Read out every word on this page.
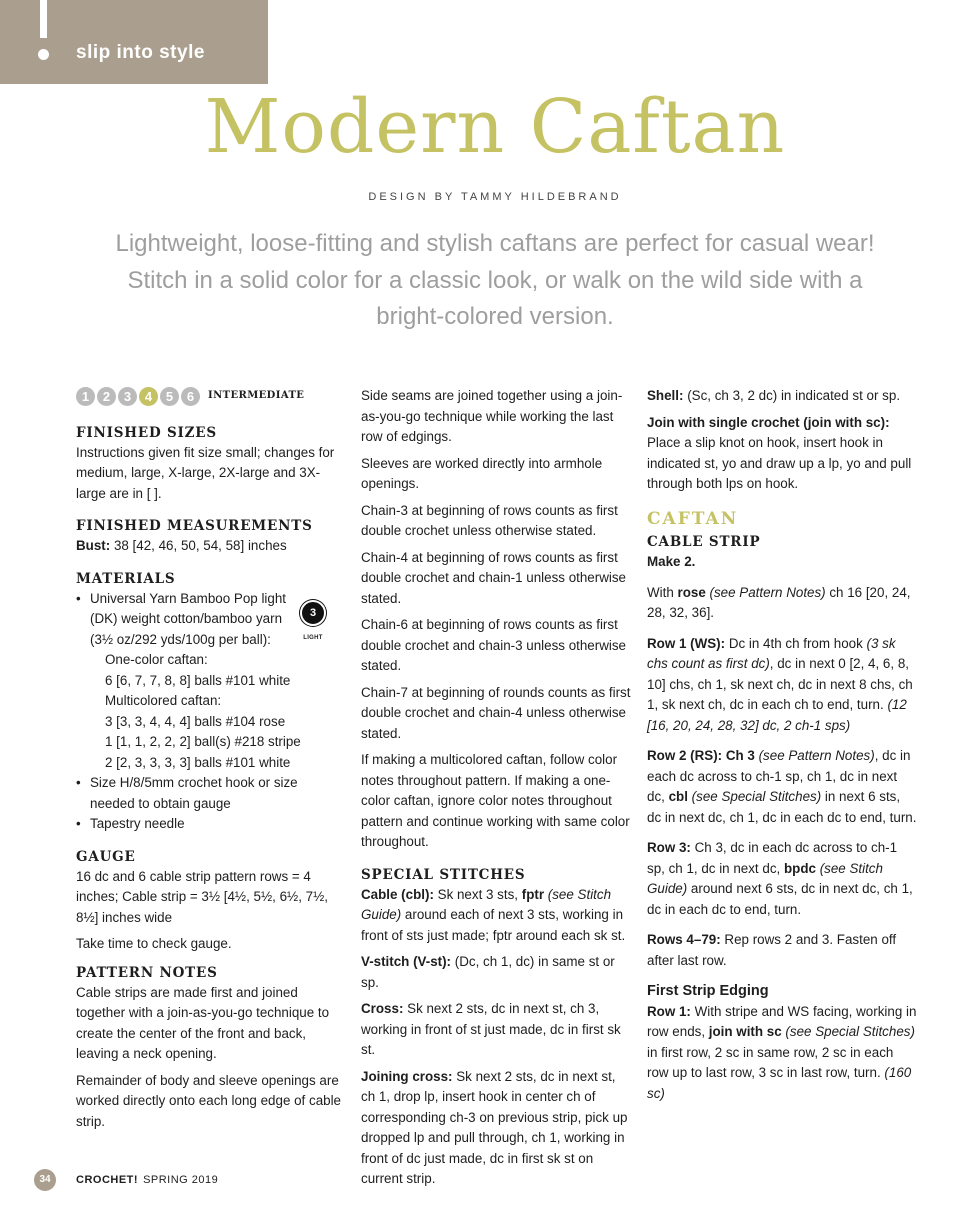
slip into style
Modern Caftan
DESIGN BY TAMMY HILDEBRAND
Lightweight, loose-fitting and stylish caftans are perfect for casual wear! Stitch in a solid color for a classic look, or walk on the wild side with a bright-colored version.
1	2	3	4	5	6	INTERMEDIATE
FINISHED SIZES

Instructions given fit size small; changes for medium, large, X-large, 2X-large and 3X-large are in [ ].

FINISHED MEASUREMENTS

Bust: 38 [42, 46, 50, 54, 58] inches

MATERIALS
3
LIGHT
• Universal Yarn Bamboo Pop light (DK) weight cotton/bamboo yarn (3½ oz/292 yds/100g per ball):
One-color caftan:
6 [6, 7, 7, 8, 8] balls #101 white
Multicolored caftan:
3 [3, 3, 4, 4, 4] balls #104 rose
1 [1, 1, 2, 2, 2] ball(s) #218 stripe
2 [2, 3, 3, 3, 3] balls #101 white
• Size H/8/5mm crochet hook or size needed to obtain gauge
• Tapestry needle
GAUGE

16 dc and 6 cable strip pattern rows = 4 inches; Cable strip = 3½ [4½, 5½, 6½, 7½, 8½] inches wide

Take time to check gauge.

PATTERN NOTES

Cable strips are made first and joined together with a join-as-you-go technique to create the center of the front and back, leaving a neck opening.

Remainder of body and sleeve openings are worked directly onto each long edge of cable strip.

Side seams are joined together using a join-as-you-go technique while working the last row of edgings.

Sleeves are worked directly into armhole openings.

Chain-3 at beginning of rows counts as first double crochet unless otherwise stated.

Chain-4 at beginning of rows counts as first double crochet and chain-1 unless otherwise stated.

Chain-6 at beginning of rows counts as first double crochet and chain-3 unless otherwise stated.

Chain-7 at beginning of rounds counts as first double crochet and chain-4 unless otherwise stated.

If making a multicolored caftan, follow color notes throughout pattern. If making a one-color caftan, ignore color notes throughout pattern and continue working with same color throughout.

SPECIAL STITCHES

Cable (cbl): Sk next 3 sts, fptr (see Stitch Guide) around each of next 3 sts, working in front of sts just made; fptr around each sk st.

V-stitch (V-st): (Dc, ch 1, dc) in same st or sp.

Cross: Sk next 2 sts, dc in next st, ch 3, working in front of st just made, dc in first sk st.

Joining cross: Sk next 2 sts, dc in next st, ch 1, drop lp, insert hook in center ch of corresponding ch-3 on previous strip, pick up dropped lp and pull through, ch 1, working in front of dc just made, dc in first sk st on current strip.

Shell: (Sc, ch 3, 2 dc) in indicated st or sp.

Join with single crochet (join with sc): Place a slip knot on hook, insert hook in indicated st, yo and draw up a lp, yo and pull through both lps on hook.

CAFTAN
CABLE STRIP

Make 2.

With rose (see Pattern Notes) ch 16 [20, 24, 28, 32, 36].

Row 1 (WS): Dc in 4th ch from hook (3 sk chs count as first dc), dc in next 0 [2, 4, 6, 8, 10] chs, ch 1, sk next ch, dc in next 8 chs, ch 1, sk next ch, dc in each ch to end, turn. (12 [16, 20, 24, 28, 32] dc, 2 ch-1 sps)

Row 2 (RS): Ch 3 (see Pattern Notes), dc in each dc across to ch-1 sp, ch 1, dc in next dc, cbl (see Special Stitches) in next 6 sts, dc in next dc, ch 1, dc in each dc to end, turn.

Row 3: Ch 3, dc in each dc across to ch-1 sp, ch 1, dc in next dc, bpdc (see Stitch Guide) around next 6 sts, dc in next dc, ch 1, dc in each dc to end, turn.

Rows 4–79: Rep rows 2 and 3. Fasten off after last row.

First Strip Edging

Row 1: With stripe and WS facing, working in row ends, join with sc (see Special Stitches) in first row, 2 sc in same row, 2 sc in each row up to last row, 3 sc in last row, turn. (160 sc)

34	CROCHET! SPRING 2019
